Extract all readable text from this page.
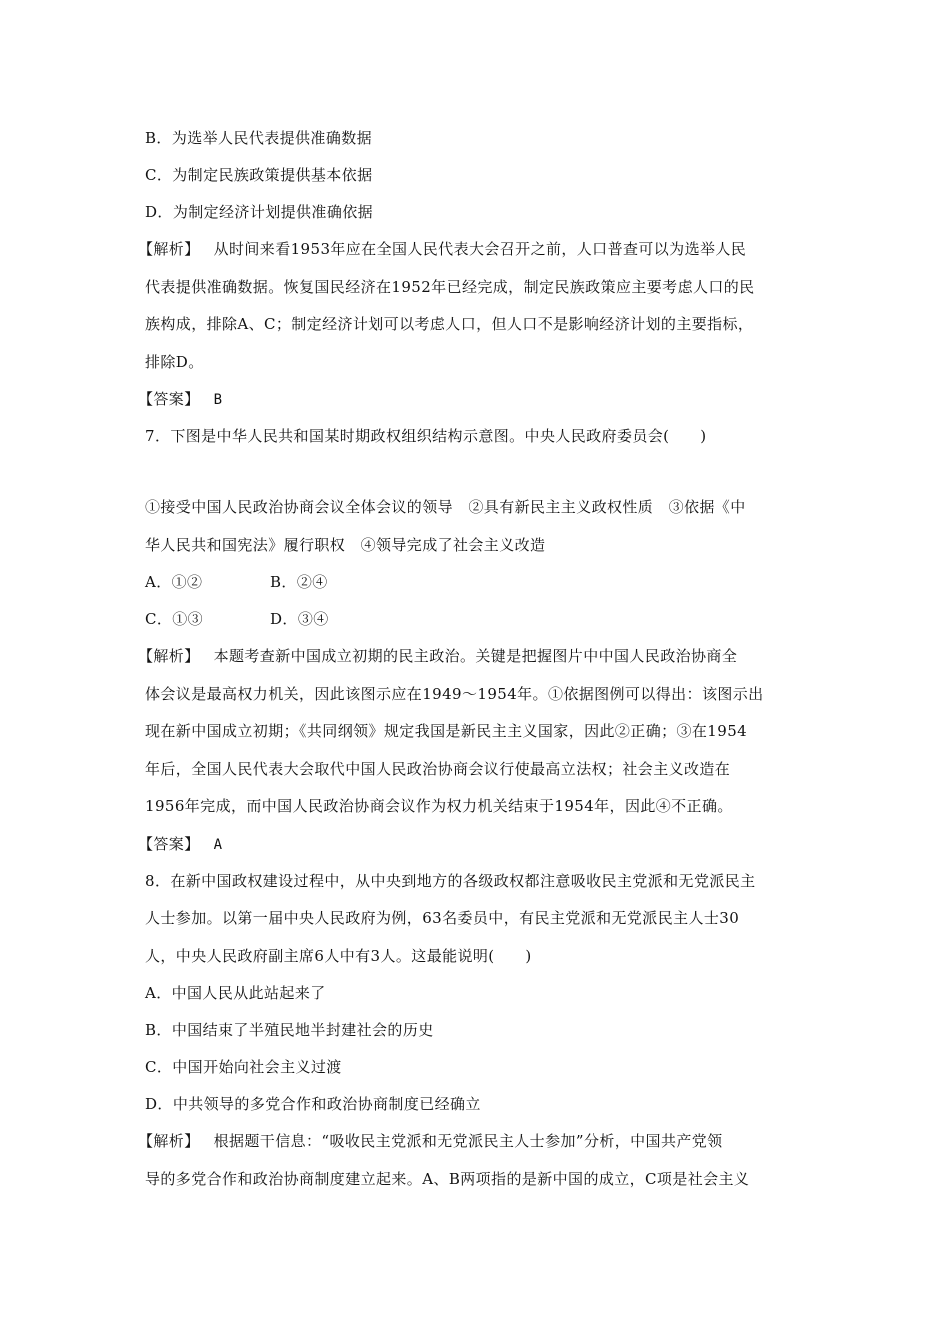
B．为选举人民代表提供准确数据
C．为制定民族政策提供基本依据
D．为制定经济计划提供准确依据
【解析】 从时间来看1953年应在全国人民代表大会召开之前，人口普查可以为选举人民
代表提供准确数据。恢复国民经济在1952年已经完成，制定民族政策应主要考虑人口的民
族构成，排除A、C；制定经济计划可以考虑人口，但人口不是影响经济计划的主要指标，
排除D。
【答案】 B
7．下图是中华人民共和国某时期政权组织结构示意图。中央人民政府委员会(　　)
①接受中国人民政治协商会议全体会议的领导　②具有新民主主义政权性质　③依据《中
华人民共和国宪法》履行职权　④领导完成了社会主义改造
A．①②	B．②④
C．①③	D．③④
【解析】 本题考查新中国成立初期的民主政治。关键是把握图片中中国人民政治协商全
体会议是最高权力机关，因此该图示应在1949～1954年。①依据图例可以得出：该图示出
现在新中国成立初期；《共同纲领》规定我国是新民主主义国家，因此②正确；③在1954
年后，全国人民代表大会取代中国人民政治协商会议行使最高立法权；社会主义改造在
1956年完成，而中国人民政治协商会议作为权力机关结束于1954年，因此④不正确。
【答案】 A
8．在新中国政权建设过程中，从中央到地方的各级政权都注意吸收民主党派和无党派民主
人士参加。以第一届中央人民政府为例，63名委员中，有民主党派和无党派民主人士30
人，中央人民政府副主席6人中有3人。这最能说明(　　)
A．中国人民从此站起来了
B．中国结束了半殖民地半封建社会的历史
C．中国开始向社会主义过渡
D．中共领导的多党合作和政治协商制度已经确立
【解析】 根据题干信息：“吸收民主党派和无党派民主人士参加”分析，中国共产党领
导的多党合作和政治协商制度建立起来。A、B两项指的是新中国的成立，C项是社会主义
